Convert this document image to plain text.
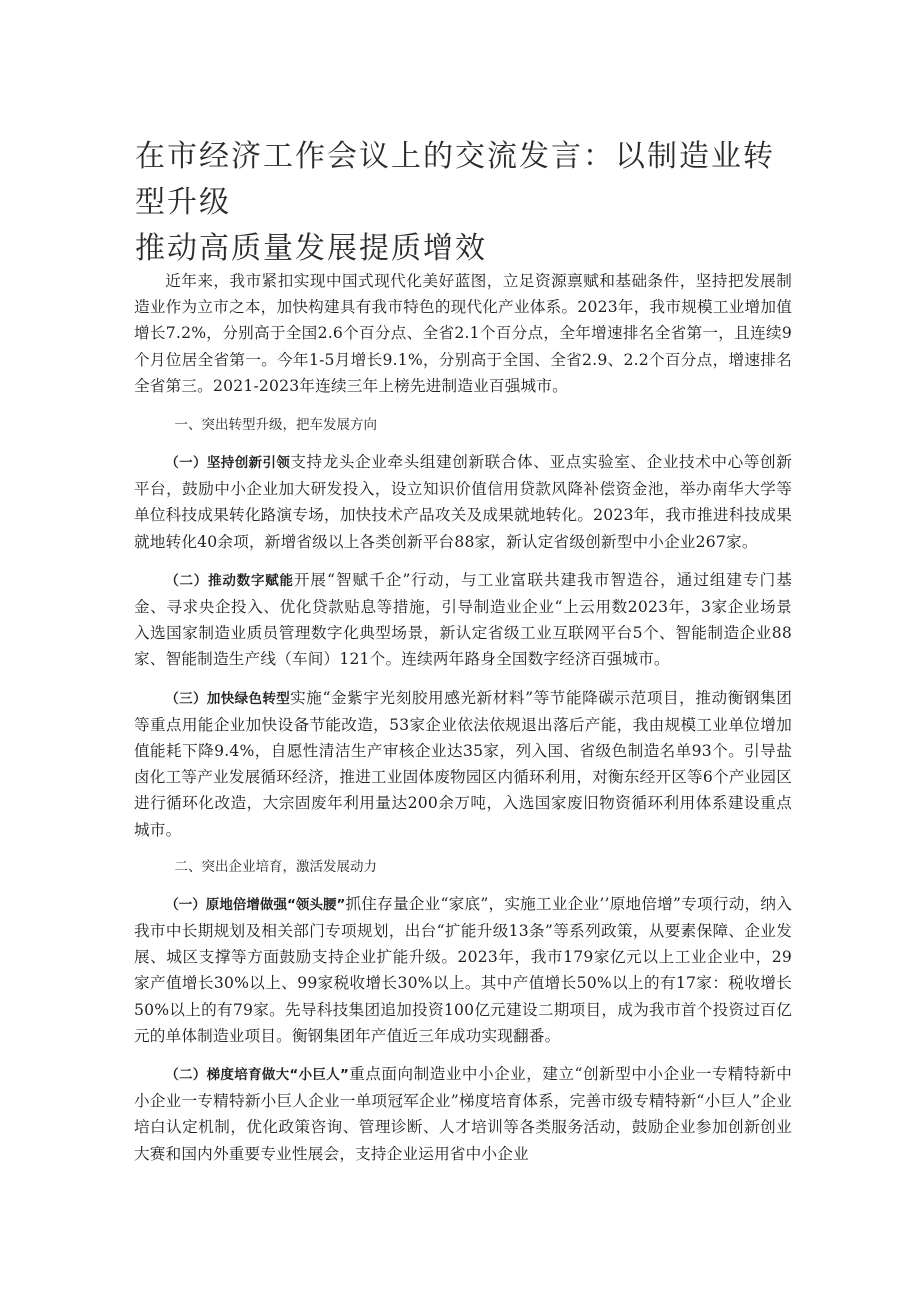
在市经济工作会议上的交流发言：以制造业转型升级
推动高质量发展提质增效

近年来，我市紧扣实现中国式现代化美好蓝图，立足资源禀赋和基础条件，坚持把发展制造业作为立市之本，加快构建具有我市特色的现代化产业体系。2023年，我市规模工业增加值增长7.2%，分别高于全国2.6个百分点、全省2.1个百分点，全年增速排名全省第一，且连续9个月位居全省第一。今年1-5月增长9.1%，分别高于全国、全省2.9、2.2个百分点，增速排名全省第三。2021-2023年连续三年上榜先进制造业百强城市。

一、突出转型升级，把车发展方向

（一）坚持创新引领支持龙头企业牵头组建创新联合体、亚点实验室、企业技术中心等创新平台，鼓励中小企业加大研发投入，设立知识价值信用贷款风降补偿资金池，举办南华大学等单位科技成果转化路演专场，加快技术产品攻关及成果就地转化。2023年，我市推进科技成果就地转化40余项，新增省级以上各类创新平台88家，新认定省级创新型中小企业267家。

（二）推动数字赋能开展“智赋千企”行动，与工业富联共建我市智造谷，通过组建专门基金、寻求央企投入、优化贷款贴息等措施，引导制造业企业“上云用数2023年，3家企业场景入选国家制造业质员管理数字化典型场景，新认定省级工业互联网平台5个、智能制造企业88家、智能制造生产线（车间）121个。连续两年路身全国数字经济百强城市。

（三）加快绿色转型实施“金紫宇光刻胶用感光新材料”等节能降碳示范项目，推动衡钢集团等重点用能企业加快设备节能改造，53家企业依法依规退出落后产能，我由规模工业单位增加值能耗下降9.4%，自愿性清洁生产审核企业达35家，列入国、省级色制造名单93个。引导盐卤化工等产业发展循环经济，推进工业固体废物园区内循环利用，对衡东经开区等6个产业园区进行循环化改造，大宗固废年利用量达200余万吨，入选国家废旧物资循环利用体系建设重点城市。

二、突出企业培育，激活发展动力

（一）原地倍增做强“领头腰”抓住存量企业“家底”，实施工业企业’’原地倍增”专项行动，纳入我市中长期规划及相关部门专项规划，出台“扩能升级13条”等系列政策，从要素保障、企业发展、城区支撑等方面鼓励支持企业扩能升级。2023年，我市179家亿元以上工业企业中，29家产值增长30%以上、99家税收增长30%以上。其中产值增长50%以上的有17家：税收增长50%以上的有79家。先导科技集团追加投资100亿元建设二期项目，成为我市首个投资过百亿元的单体制造业项目。衡钢集团年产值近三年成功实现翻番。

（二）梯度培育做大“小巨人”重点面向制造业中小企业，建立“创新型中小企业一专精特新中小企业一专精特新小巨人企业一单项冠军企业”梯度培育体系，完善市级专精特新“小巨人”企业培白认定机制，优化政策咨询、管理诊断、人才培训等各类服务活动，鼓励企业参加创新创业大赛和国内外重要专业性展会，支持企业运用省中小企业
